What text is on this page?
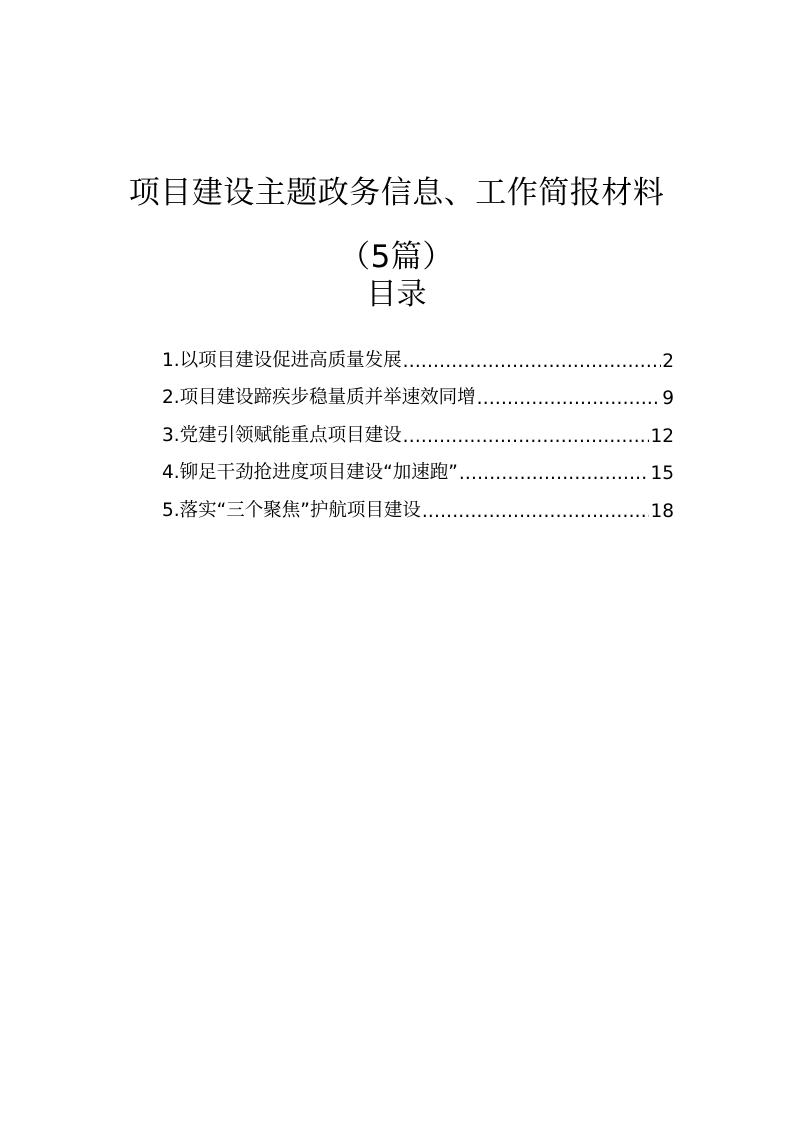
项目建设主题政务信息、工作简报材料（5篇）
目录
1.以项目建设促进高质量发展 .....	2
2.项目建设蹄疾步稳量质并举速效同增 .....	9
3.党建引领赋能重点项目建设 .....	12
4.铆足干劲抢进度项目建设“加速跑” .....	15
5.落实“三个聚焦”护航项目建设 .....	18
